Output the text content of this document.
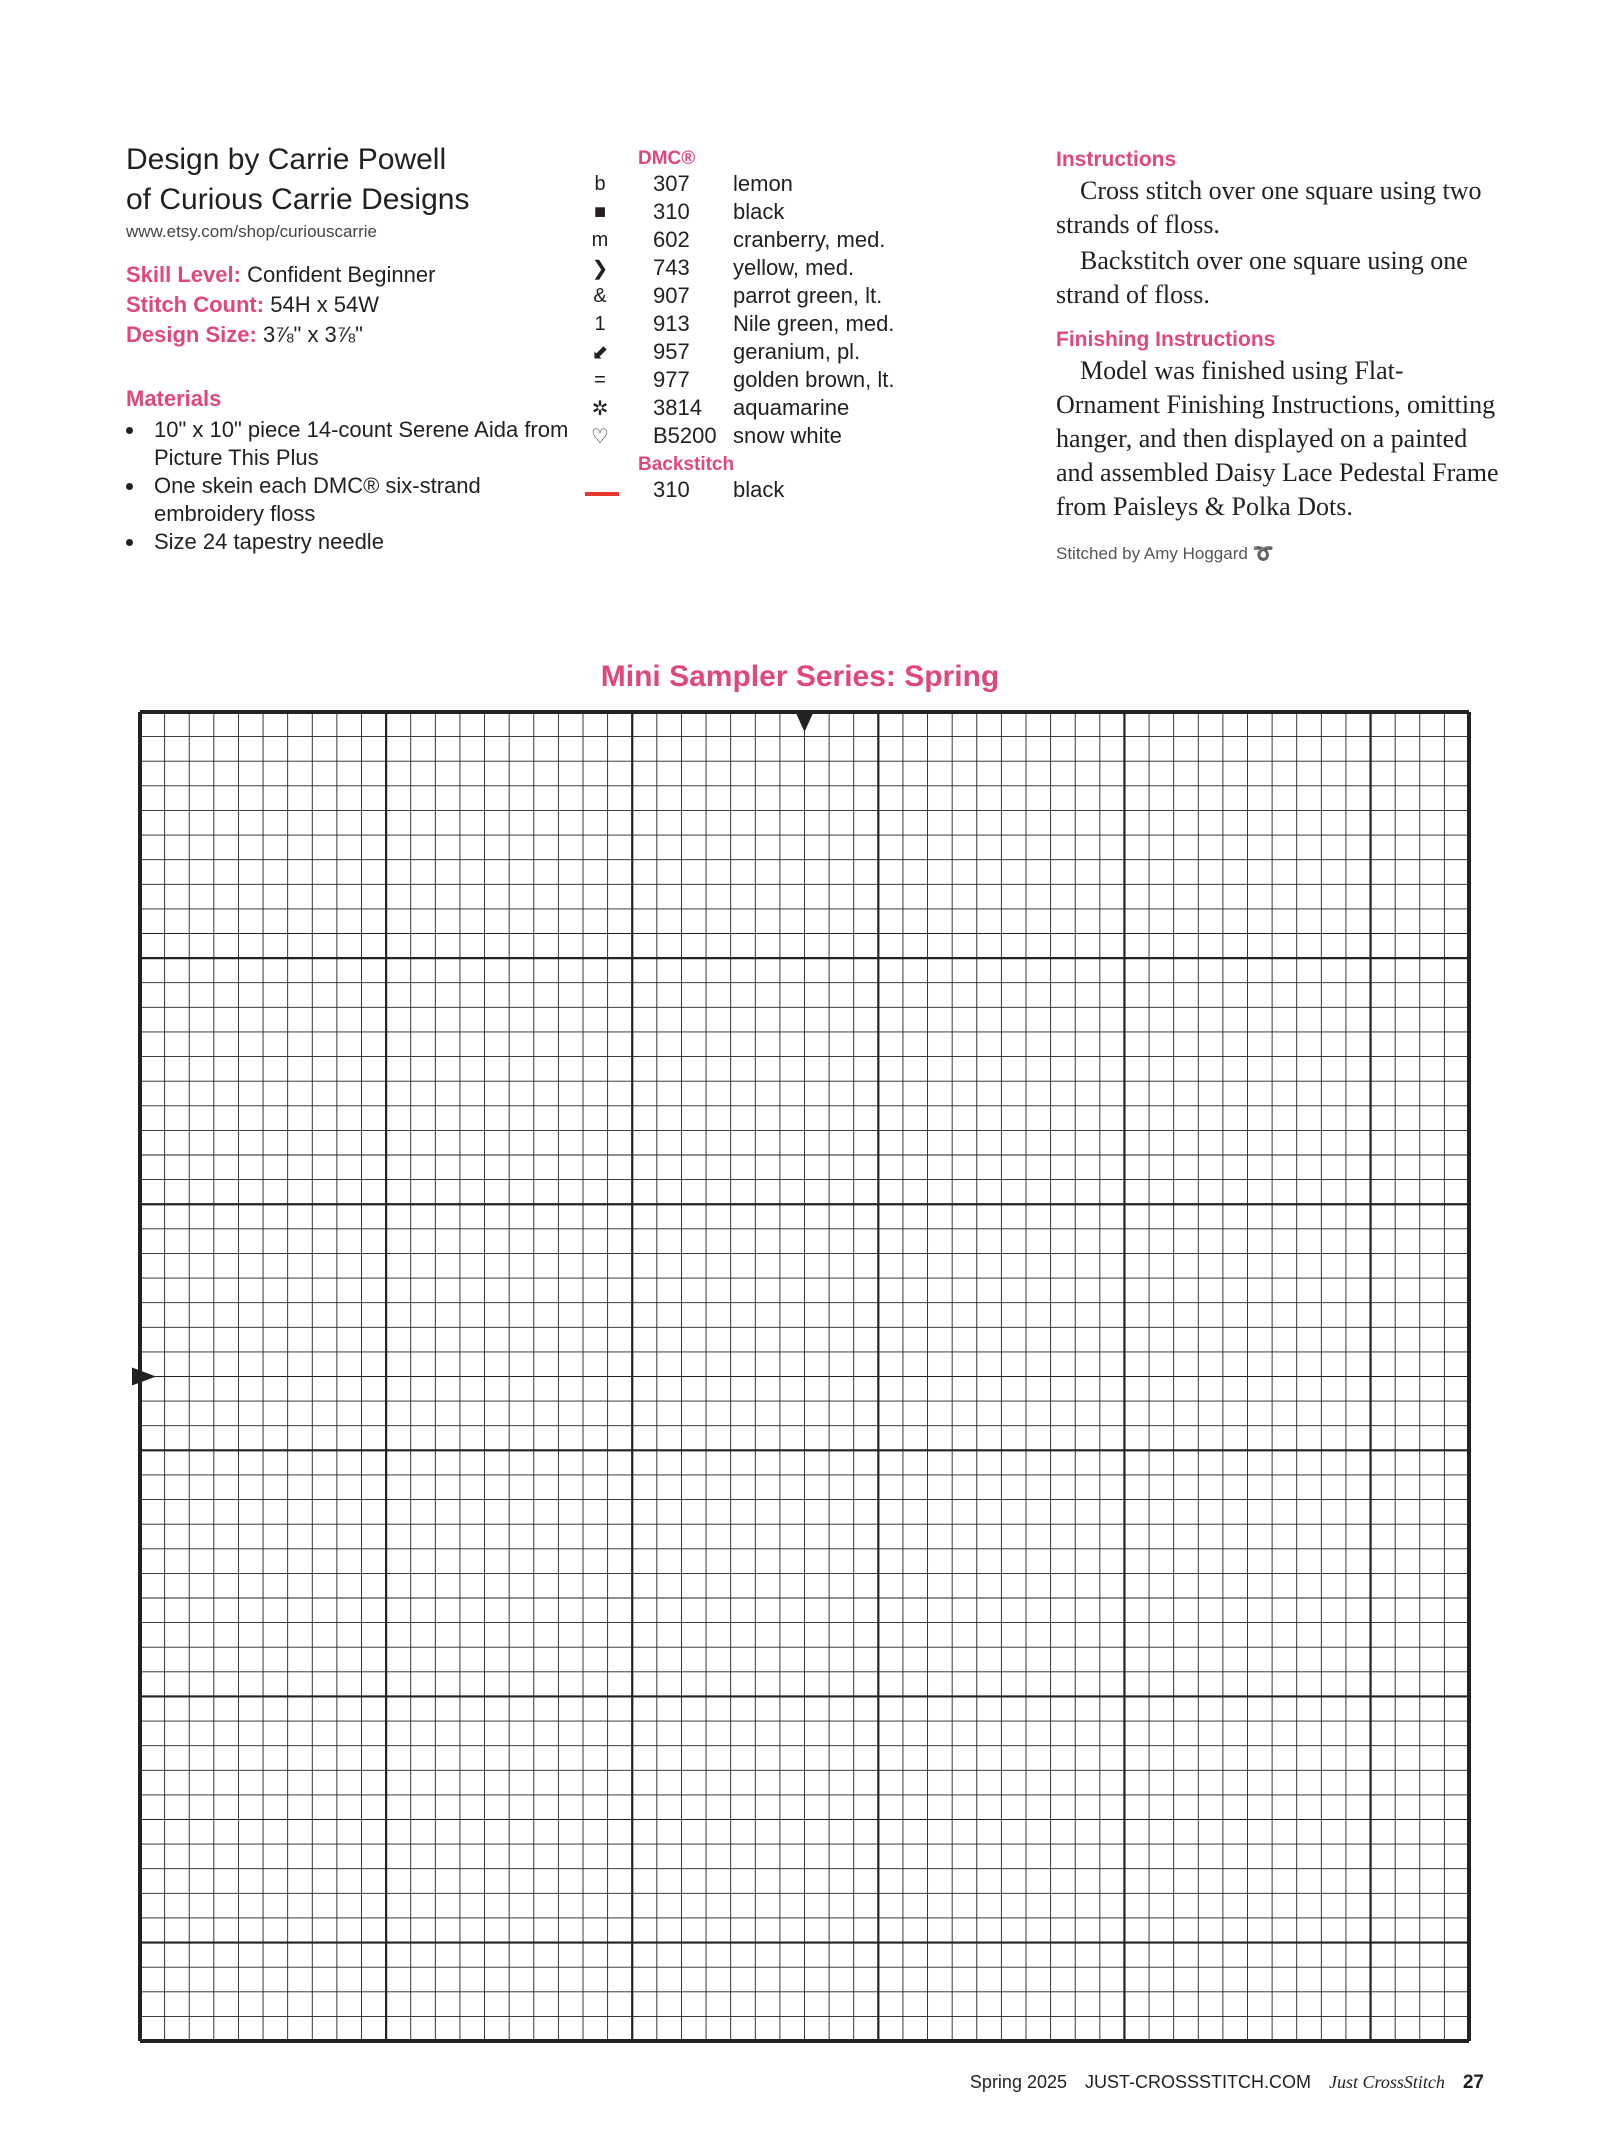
Design by Carrie Powell
of Curious Carrie Designs
www.etsy.com/shop/curiouscarrie
Skill Level: Confident Beginner
Stitch Count: 54H x 54W
Design Size: 3⅞" x 3⅞"
Materials
• 10" x 10" piece 14-count Serene Aida from Picture This Plus
• One skein each DMC® six-strand embroidery floss
• Size 24 tapestry needle
DMC®
b	307	lemon
■	310	black
m	602	cranberry, med.
❯	743	yellow, med.
&	907	parrot green, lt.
1	913	Nile green, med.
⬋	957	geranium, pl.
=	977	golden brown, lt.
✲	3814	aquamarine
♡	B5200 snow white
Backstitch
310	black
Instructions

Cross stitch over one square using two strands of floss.

Backstitch over one square using one strand of floss.

Finishing Instructions

Model was finished using Flat-Ornament Finishing Instructions, omitting hanger, and then displayed on a painted and assembled Daisy Lace Pedestal Frame from Paisleys & Polka Dots.

Stitched by Amy Hoggard ➰
Mini Sampler Series: Spring
Spring 2025 JUST-CROSSSTITCH.COM Just CrossStitch 27
